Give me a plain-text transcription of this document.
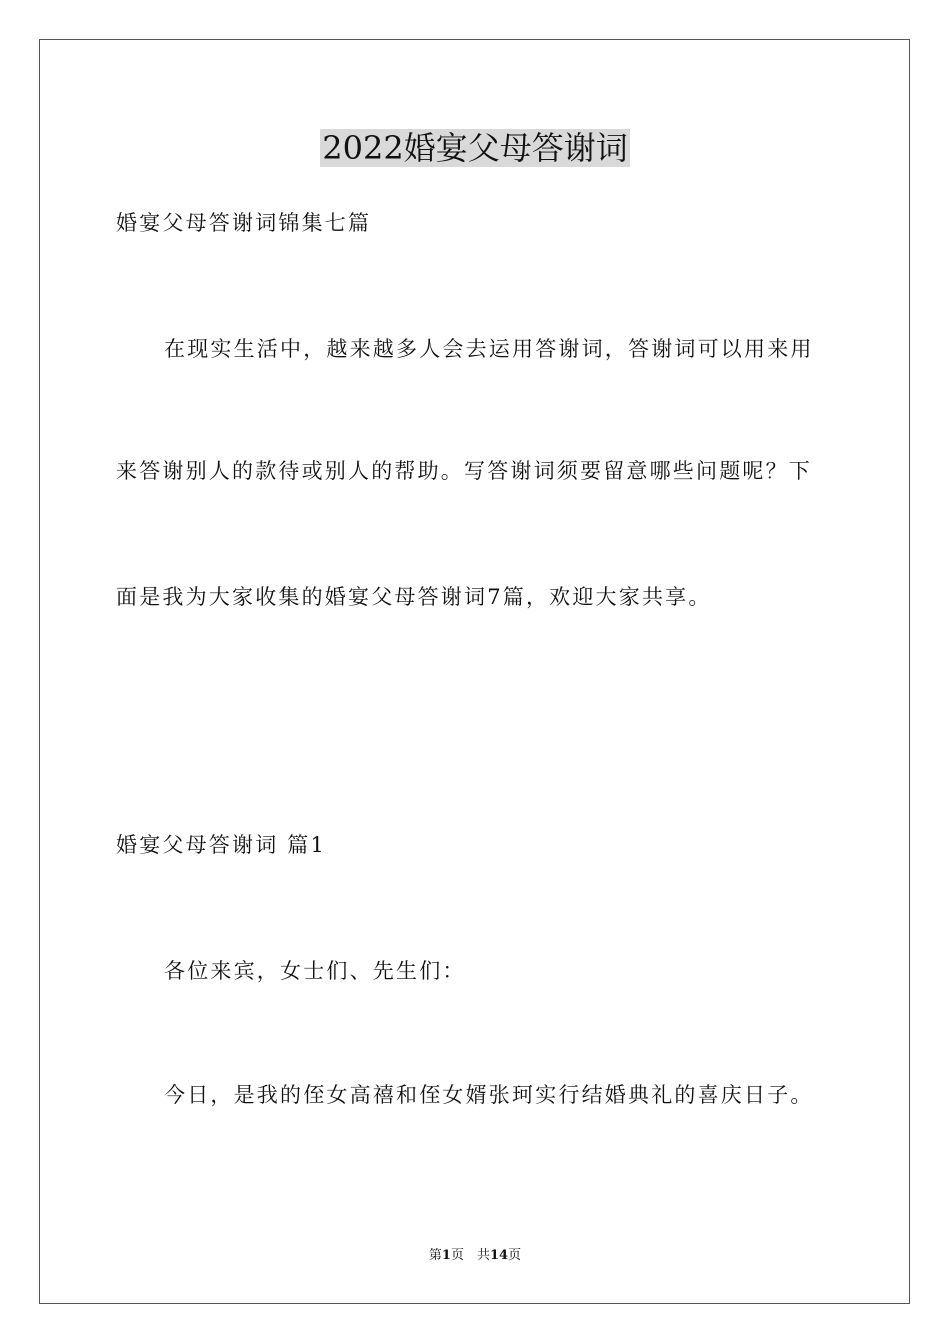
2022婚宴父母答谢词
婚宴父母答谢词锦集七篇
在现实生活中，越来越多人会去运用答谢词，答谢词可以用来用
来答谢别人的款待或别人的帮助。写答谢词须要留意哪些问题呢？下
面是我为大家收集的婚宴父母答谢词7篇，欢迎大家共享。
婚宴父母答谢词 篇1
各位来宾，女士们、先生们：
今日，是我的侄女高禧和侄女婿张珂实行结婚典礼的喜庆日子。
第1页　共14页
